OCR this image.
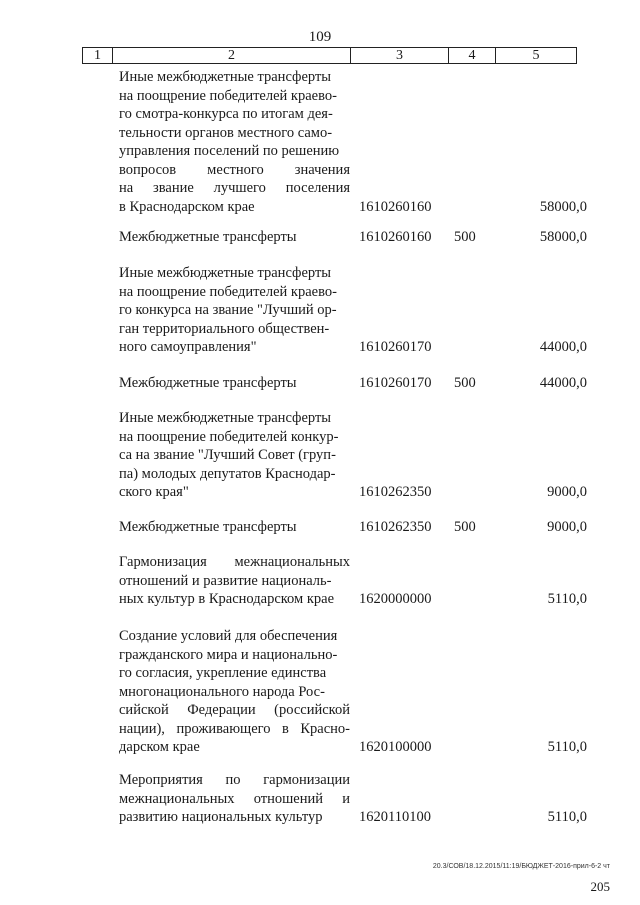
109
1	2	3	4	5
Иные межбюджетные трансферты
на поощрение победителей краево-
го смотра-конкурса по итогам дея-
тельности органов местного само-
управления поселений по решению
вопросов местного значения
на звание лучшего поселения
в Краснодарском крае	1610260160	58000,0
Межбюджетные трансферты	1610260160 500	58000,0
Иные межбюджетные трансферты
на поощрение победителей краево-
го конкурса на звание "Лучший ор-
ган территориального обществен-
ного самоуправления"	1610260170	44000,0
Межбюджетные трансферты	1610260170 500	44000,0
Иные межбюджетные трансферты
на поощрение победителей конкур-
са на звание "Лучший Совет (груп-
па) молодых депутатов Краснодар-
ского края"	1610262350	9000,0
Межбюджетные трансферты	1610262350 500	9000,0
Гармонизация межнациональных
отношений и развитие националь-
ных культур в Краснодарском крае	1620000000	5110,0
Создание условий для обеспечения
гражданского мира и национально-
го согласия, укрепление единства
многонационального народа Рос-
сийской Федерации (российской
нации), проживающего в Красно-
дарском крае	1620100000	5110,0
Мероприятия по гармонизации
межнациональных отношений и
развитию национальных культур	1620110100	5110,0
20.3/СОВ/18.12.2015/11:19/БЮДЖЕТ-2016-прил-6-2 чт
205
